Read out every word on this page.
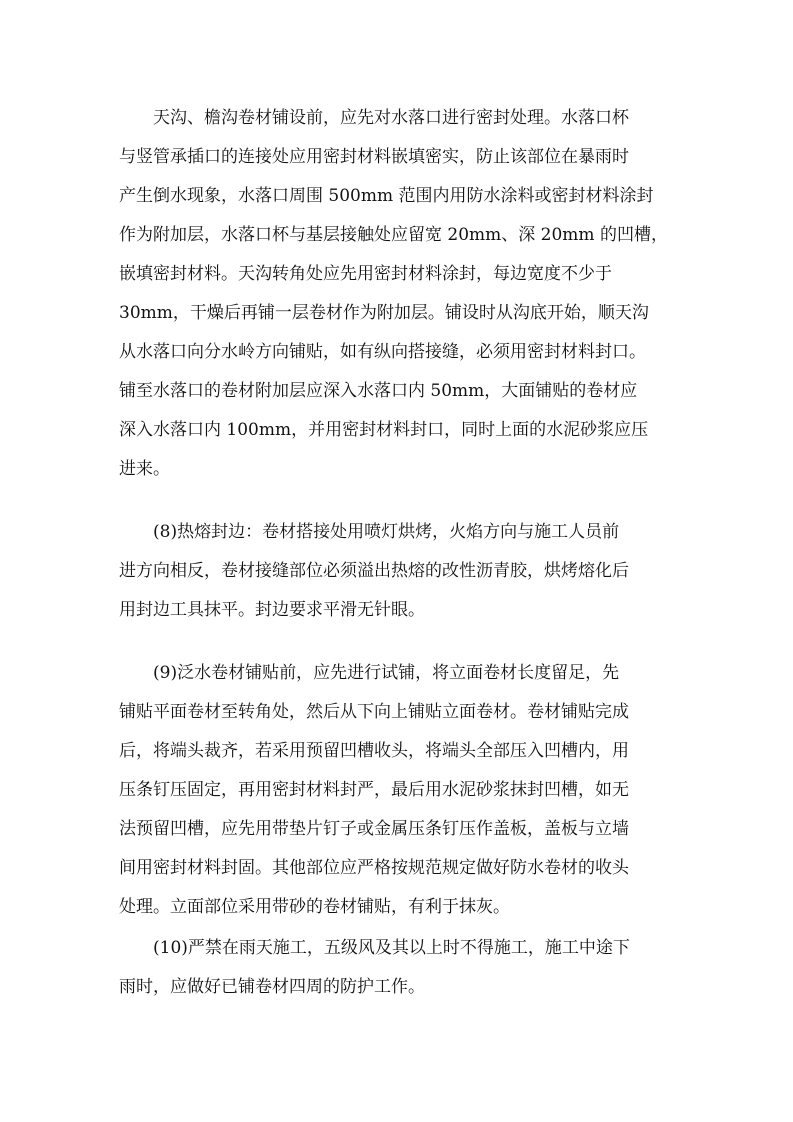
天沟、檐沟卷材铺设前，应先对水落口进行密封处理。水落口杯
与竖管承插口的连接处应用密封材料嵌填密实，防止该部位在暴雨时
产生倒水现象，水落口周围 500mm 范围内用防水涂料或密封材料涂封
作为附加层，水落口杯与基层接触处应留宽 20mm、深 20mm 的凹槽，
嵌填密封材料。天沟转角处应先用密封材料涂封，每边宽度不少于
30mm，干燥后再铺一层卷材作为附加层。铺设时从沟底开始，顺天沟
从水落口向分水岭方向铺贴，如有纵向搭接缝，必须用密封材料封口。
铺至水落口的卷材附加层应深入水落口内 50mm，大面铺贴的卷材应
深入水落口内 100mm，并用密封材料封口，同时上面的水泥砂浆应压
进来。
(8)热熔封边：卷材搭接处用喷灯烘烤，火焰方向与施工人员前
进方向相反，卷材接缝部位必须溢出热熔的改性沥青胶，烘烤熔化后
用封边工具抹平。封边要求平滑无针眼。
(9)泛水卷材铺贴前，应先进行试铺，将立面卷材长度留足，先
铺贴平面卷材至转角处，然后从下向上铺贴立面卷材。卷材铺贴完成
后，将端头裁齐，若采用预留凹槽收头，将端头全部压入凹槽内，用
压条钉压固定，再用密封材料封严，最后用水泥砂浆抹封凹槽，如无
法预留凹槽，应先用带垫片钉子或金属压条钉压作盖板，盖板与立墙
间用密封材料封固。其他部位应严格按规范规定做好防水卷材的收头
处理。立面部位采用带砂的卷材铺贴，有利于抹灰。
(10)严禁在雨天施工，五级风及其以上时不得施工，施工中途下
雨时，应做好已铺卷材四周的防护工作。
